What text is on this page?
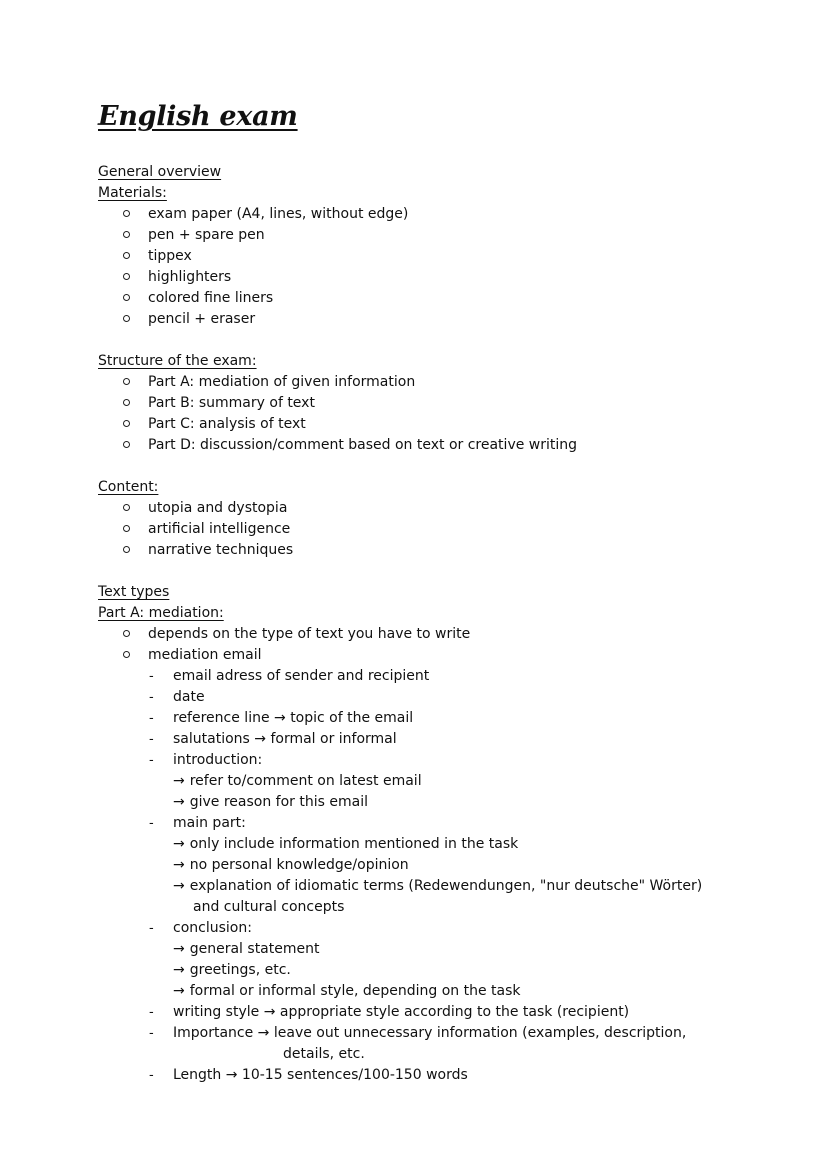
English exam
General overview
Materials:
exam paper (A4, lines, without edge)
pen + spare pen
tippex
highlighters
colored fine liners
pencil + eraser
Structure of the exam:
Part A: mediation of given information
Part B: summary of text
Part C: analysis of text
Part D: discussion/comment based on text or creative writing
Content:
utopia and dystopia
artificial intelligence
narrative techniques
Text types
Part A: mediation:
depends on the type of text you have to write
mediation email
- email adress of sender and recipient
- date
- reference line → topic of the email
- salutations → formal or informal
- introduction:
→ refer to/comment on latest email
→ give reason for this email
- main part:
→ only include information mentioned in the task
→ no personal knowledge/opinion
→ explanation of idiomatic terms (Redewendungen, "nur deutsche" Wörter)
and cultural concepts
- conclusion:
→ general statement
→ greetings, etc.
→ formal or informal style, depending on the task
- writing style → appropriate style according to the task (recipient)
- Importance → leave out unnecessary information (examples, description,
details, etc.
- Length → 10-15 sentences/100-150 words
